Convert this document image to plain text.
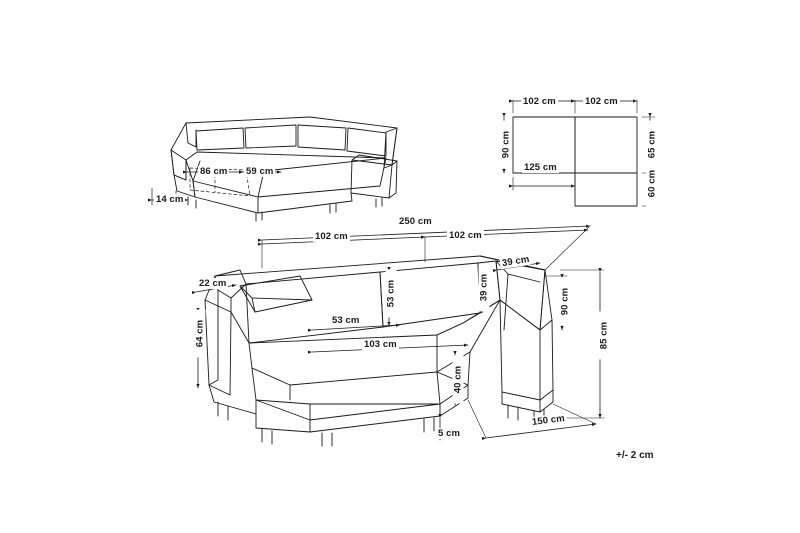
86 cm 59 cm
14 cm
102 cm	102 cm
90 cm
125 cm
65 cm
60 cm
250 cm
102 cm	102 cm
22 cm	53 cm
39 cm
39 cm
90 cm
64 cm	53 cm
103 cm
40 cm
5 cm
85 cm
150 cm
+/- 2 cm
